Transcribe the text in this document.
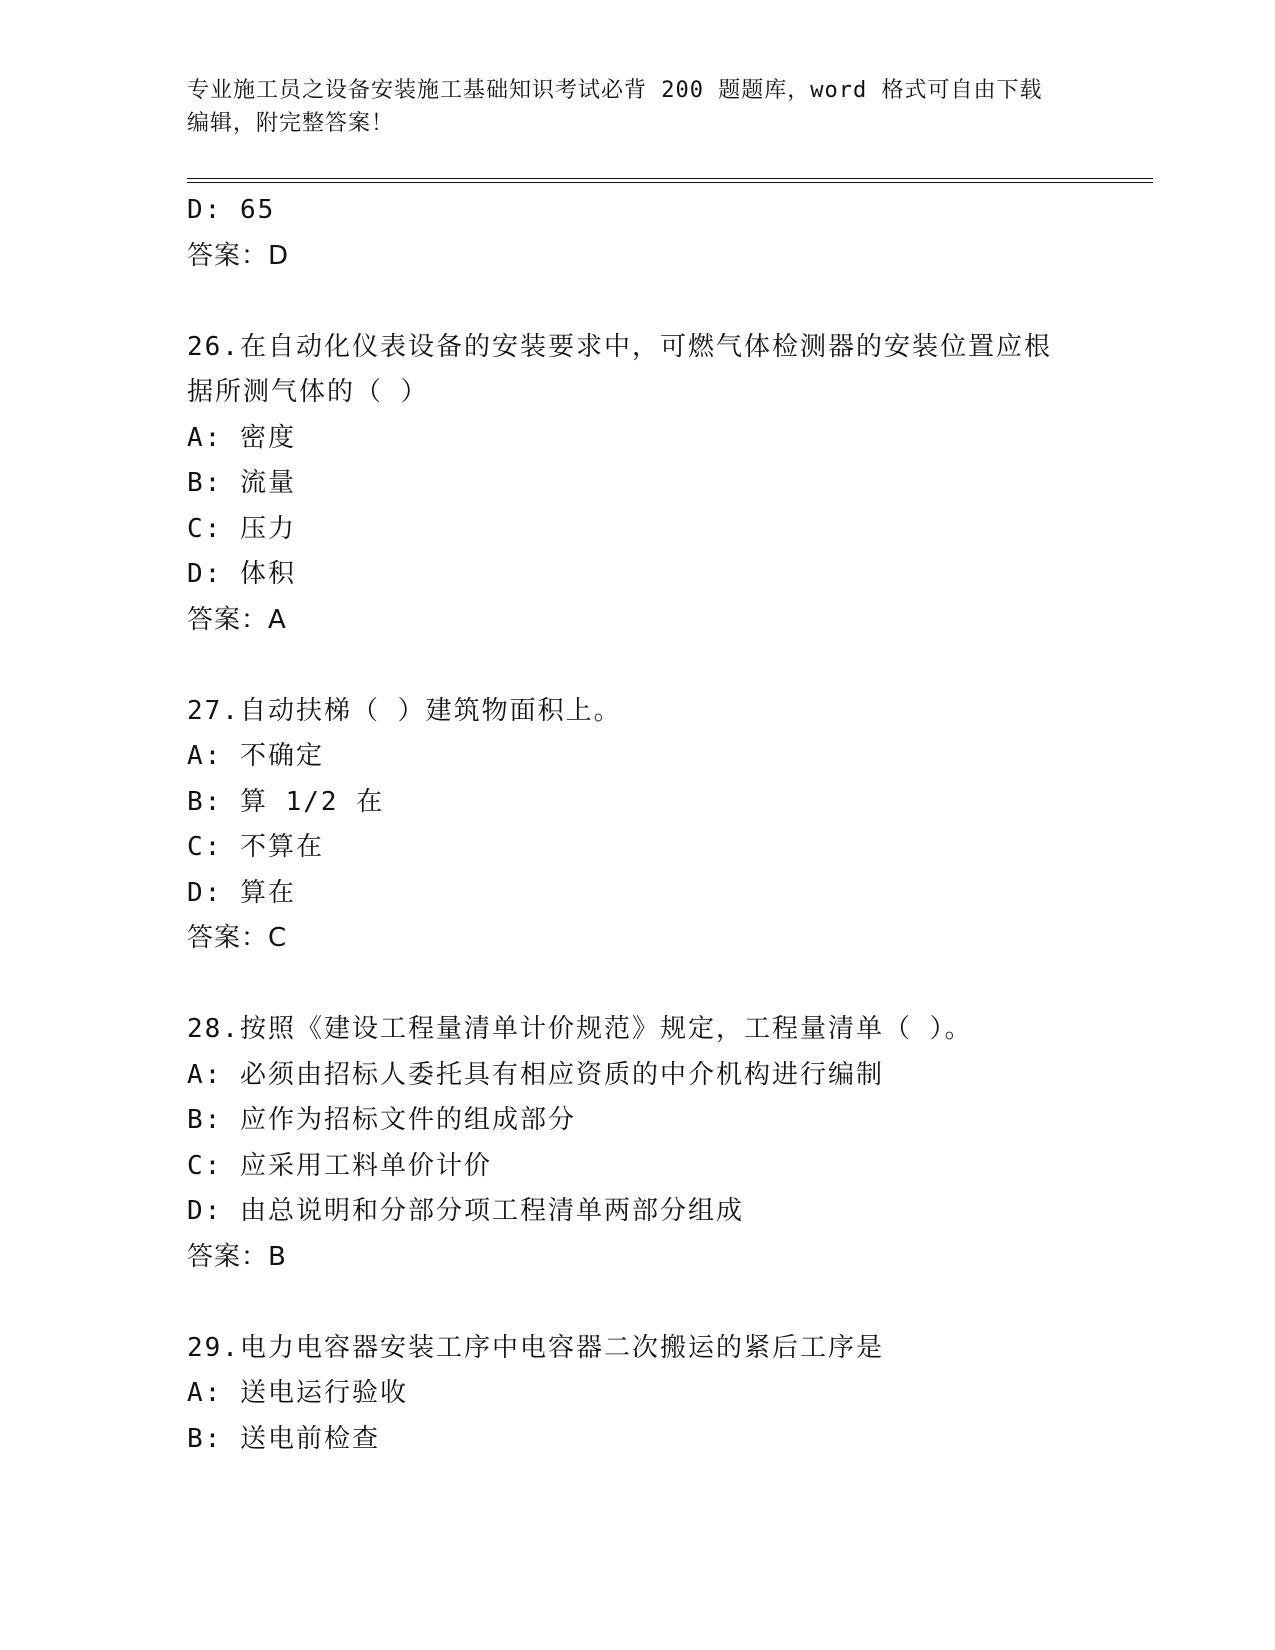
专业施工员之设备安装施工基础知识考试必背 200 题题库，word 格式可自由下载
编辑，附完整答案！
D: 65
答案：D
26.在自动化仪表设备的安装要求中，可燃气体检测器的安装位置应根
据所测气体的（ ）
A: 密度
B: 流量
C: 压力
D: 体积
答案：A
27.自动扶梯（ ）建筑物面积上。
A: 不确定
B: 算 1/2 在
C: 不算在
D: 算在
答案：C
28.按照《建设工程量清单计价规范》规定，工程量清单（ ）。
A: 必须由招标人委托具有相应资质的中介机构进行编制
B: 应作为招标文件的组成部分
C: 应采用工料单价计价
D: 由总说明和分部分项工程清单两部分组成
答案：B
29.电力电容器安装工序中电容器二次搬运的紧后工序是
A: 送电运行验收
B: 送电前检查
